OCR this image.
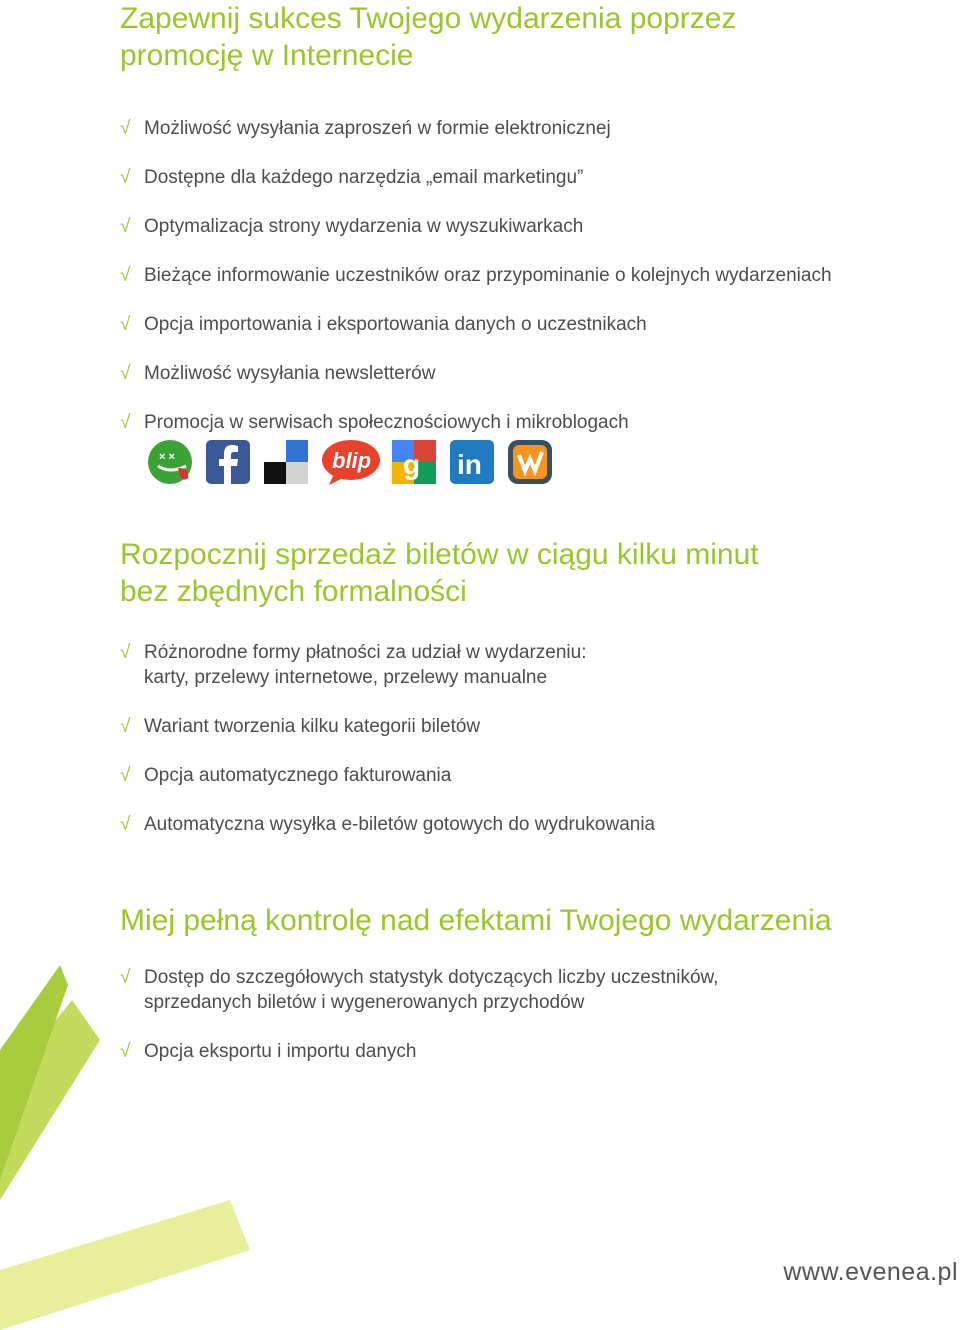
Zapewnij sukces Twojego wydarzenia poprzez
promocję w Internecie
√ Możliwość wysyłania zaproszeń w formie elektronicznej
√ Dostępne dla każdego narzędzia „email marketingu”
√ Optymalizacja strony wydarzenia w wyszukiwarkach
√ Bieżące informowanie uczestników oraz przypominanie o kolejnych wydarzeniach
√ Opcja importowania i eksportowania danych o uczestnikach
√ Możliwość wysyłania newsletterów
√ Promocja w serwisach społecznościowych i mikroblogach
× ×	blip g in
Rozpocznij sprzedaż biletów w ciągu kilku minut
bez zbędnych formalności
√ Różnorodne formy płatności za udział w wydarzeniu:
karty, przelewy internetowe, przelewy manualne
√ Wariant tworzenia kilku kategorii biletów
√ Opcja automatycznego fakturowania
√ Automatyczna wysyłka e-biletów gotowych do wydrukowania
Miej pełną kontrolę nad efektami Twojego wydarzenia
√ Dostęp do szczegółowych statystyk dotyczących liczby uczestników,
sprzedanych biletów i wygenerowanych przychodów
√ Opcja eksportu i importu danych
www.evenea.pl
